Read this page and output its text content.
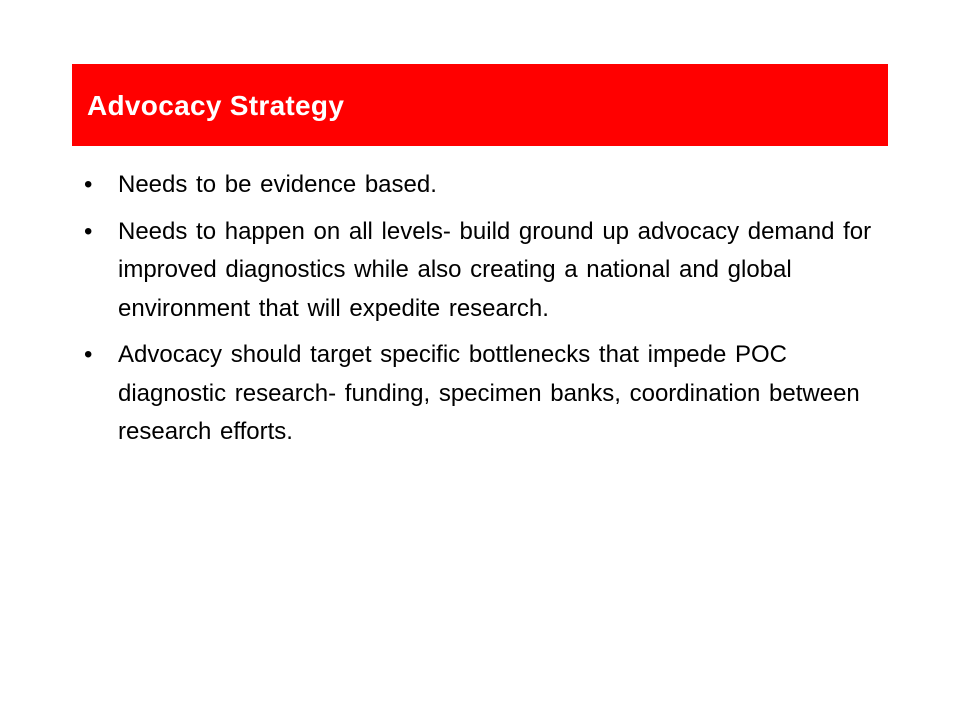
Advocacy Strategy
•	Needs to be evidence based.
•	Needs to happen on all levels- build ground up advocacy demand for improved diagnostics while also creating a national and global environment that will expedite research.
•	Advocacy should target specific bottlenecks that impede POC diagnostic research- funding, specimen banks, coordination between research efforts.
